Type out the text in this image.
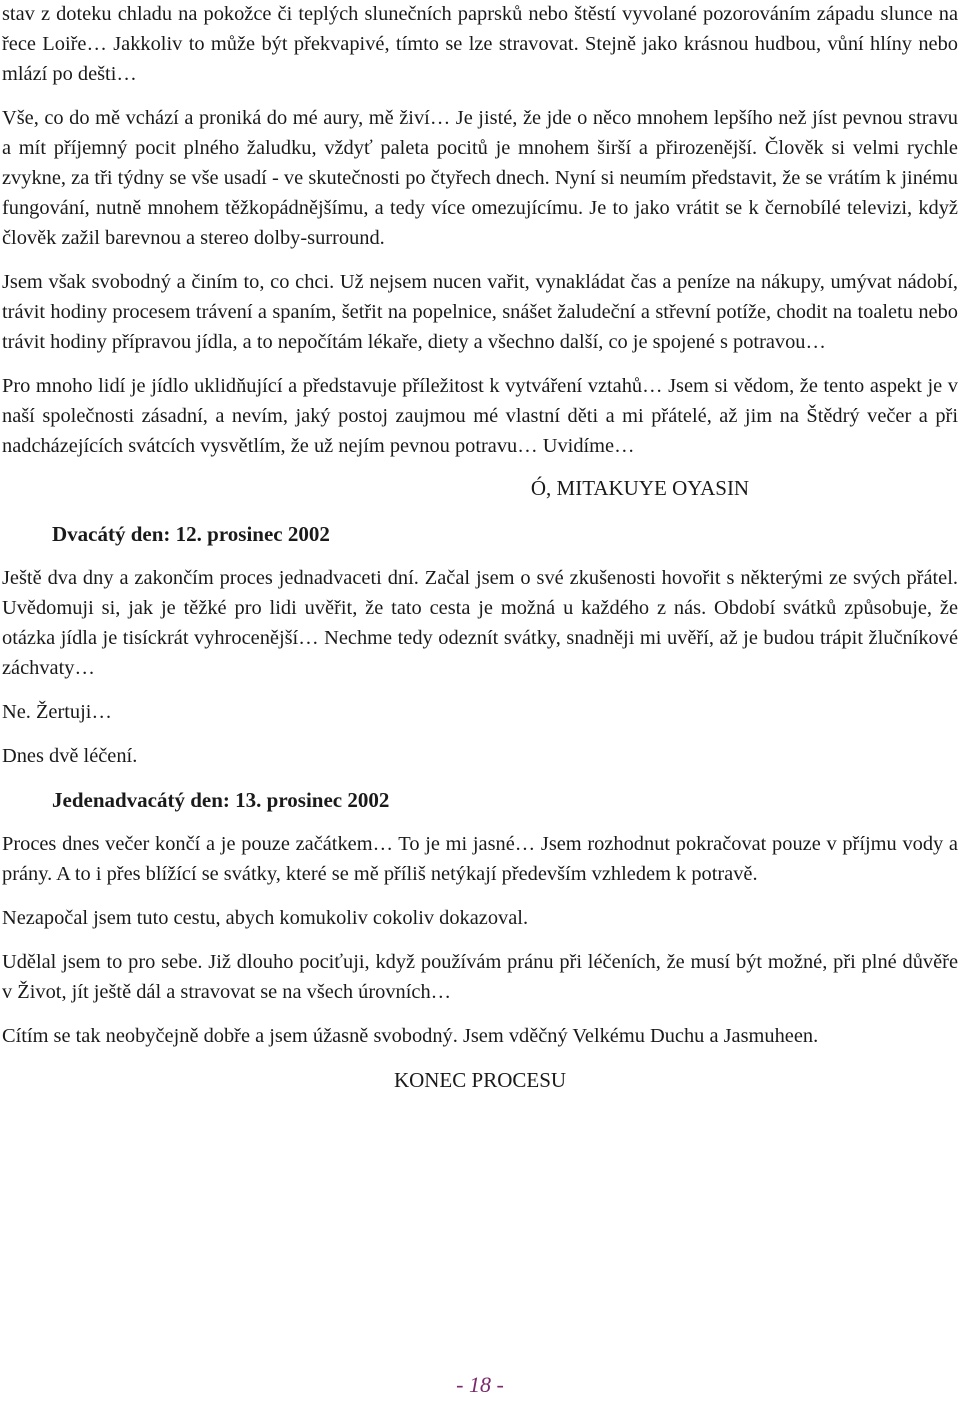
stav z doteku chladu na pokožce či teplých slunečních paprsků nebo štěstí vyvolané pozorováním západu slunce na řece Loiře… Jakkoliv to může být překvapivé, tímto se lze stravovat. Stejně jako krásnou hudbou, vůní hlíny nebo mlází po dešti…

Vše, co do mě vchází a proniká do mé aury, mě živí… Je jisté, že jde o něco mnohem lepšího než jíst pevnou stravu a mít příjemný pocit plného žaludku, vždyť paleta pocitů je mnohem širší a přirozenější. Člověk si velmi rychle zvykne, za tři týdny se vše usadí - ve skutečnosti po čtyřech dnech. Nyní si neumím představit, že se vrátím k jinému fungování, nutně mnohem těžkopádnějšímu, a tedy více omezujícímu. Je to jako vrátit se k černobílé televizi, když člověk zažil barevnou a stereo dolby-surround.

Jsem však svobodný a činím to, co chci. Už nejsem nucen vařit, vynakládat čas a peníze na nákupy, umývat nádobí, trávit hodiny procesem trávení a spaním, šetřit na popelnice, snášet žaludeční a střevní potíže, chodit na toaletu nebo trávit hodiny přípravou jídla, a to nepočítám lékaře, diety a všechno další, co je spojené s potravou…

Pro mnoho lidí je jídlo uklidňující a představuje příležitost k vytváření vztahů… Jsem si vědom, že tento aspekt je v naší společnosti zásadní, a nevím, jaký postoj zaujmou mé vlastní děti a mi přátelé, až jim na Štědrý večer a při nadcházejících svátcích vysvětlím, že už nejím pevnou potravu… Uvidíme…

Ó, MITAKUYE OYASIN

Dvacátý den: 12. prosinec 2002

Ještě dva dny a zakončím proces jednadvaceti dní. Začal jsem o své zkušenosti hovořit s některými ze svých přátel. Uvědomuji si, jak je těžké pro lidi uvěřit, že tato cesta je možná u každého z nás. Období svátků způsobuje, že otázka jídla je tisíckrát vyhrocenější… Nechme tedy odeznít svátky, snadněji mi uvěří, až je budou trápit žlučníkové záchvaty…

Ne. Žertuji…

Dnes dvě léčení.

Jedenadvacátý den: 13. prosinec 2002

Proces dnes večer končí a je pouze začátkem… To je mi jasné… Jsem rozhodnut pokračovat pouze v příjmu vody a prány. A to i přes blížící se svátky, které se mě příliš netýkají především vzhledem k potravě.

Nezapočal jsem tuto cestu, abych komukoliv cokoliv dokazoval.

Udělal jsem to pro sebe. Již dlouho pociťuji, když používám pránu při léčeních, že musí být možné, při plné důvěře v Život, jít ještě dál a stravovat se na všech úrovních…

Cítím se tak neobyčejně dobře a jsem úžasně svobodný. Jsem vděčný Velkému Duchu a Jasmuheen.

KONEC PROCESU

- 18 -
